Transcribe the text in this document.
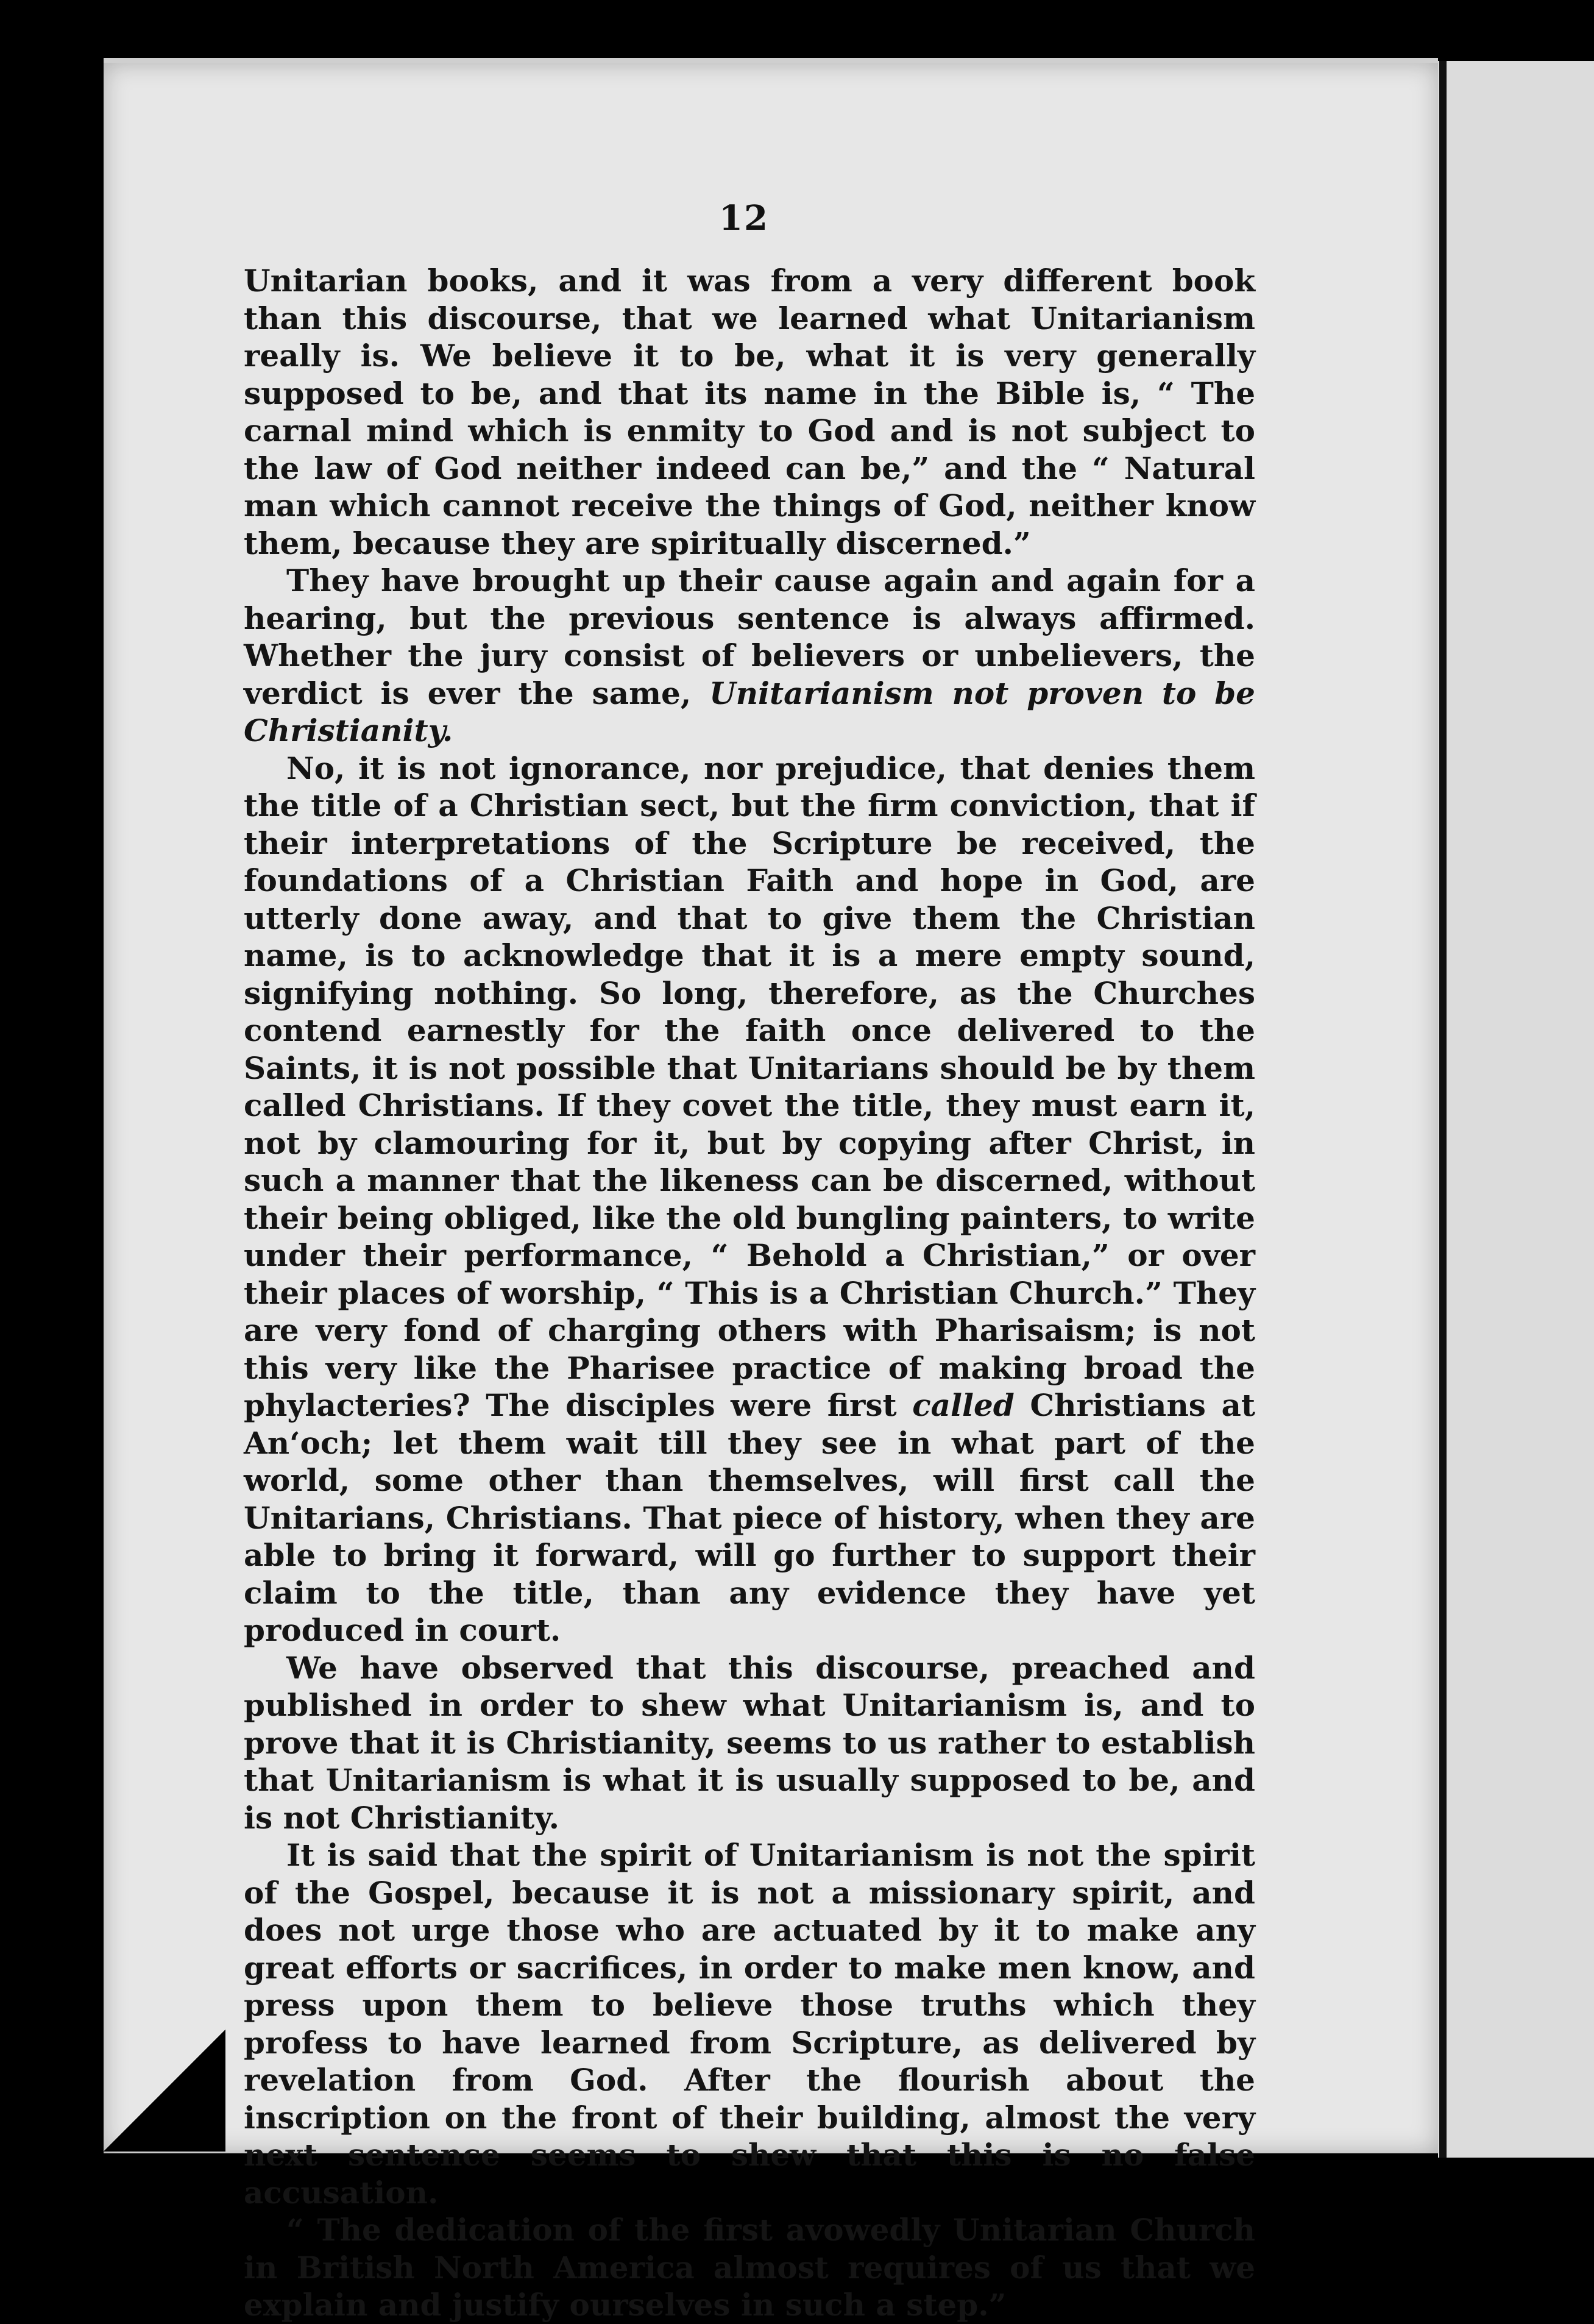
12

Unitarian books, and it was from a very different book than this discourse, that we learned what Unitarianism really is. We believe it to be, what it is very generally supposed to be, and that its name in the Bible is, “ The carnal mind which is enmity to God and is not subject to the law of God neither indeed can be,” and the “ Natural man which cannot receive the things of God, neither know them, because they are spiritually discerned.”

They have brought up their cause again and again for a hearing, but the previous sentence is always affirmed. Whether the jury consist of believers or unbelievers, the verdict is ever the same, Unitarianism not proven to be Christianity.

No, it is not ignorance, nor prejudice, that denies them the title of a Christian sect, but the firm conviction, that if their interpretations of the Scripture be received, the foundations of a Christian Faith and hope in God, are utterly done away, and that to give them the Christian name, is to acknowledge that it is a mere empty sound, signifying nothing. So long, therefore, as the Churches contend earnestly for the faith once delivered to the Saints, it is not possible that Unitarians should be by them called Christians. If they covet the title, they must earn it, not by clamouring for it, but by copying after Christ, in such a manner that the likeness can be discerned, without their being obliged, like the old bungling painters, to write under their performance, “ Behold a Christian,” or over their places of worship, “ This is a Christian Church.” They are very fond of charging others with Pharisaism; is not this very like the Pharisee practice of making broad the phylacteries? The disciples were first called Christians at An‘och; let them wait till they see in what part of the world, some other than themselves, will first call the Unitarians, Christians. That piece of history, when they are able to bring it forward, will go further to support their claim to the title, than any evidence they have yet produced in court.

We have observed that this discourse, preached and published in order to shew what Unitarianism is, and to prove that it is Christianity, seems to us rather to establish that Unitarianism is what it is usually supposed to be, and is not Christianity.

It is said that the spirit of Unitarianism is not the spirit of the Gospel, because it is not a missionary spirit, and does not urge those who are actuated by it to make any great efforts or sacrifices, in order to make men know, and press upon them to believe those truths which they profess to have learned from Scripture, as delivered by revelation from God. After the flourish about the inscription on the front of their building, almost the very next sentence seems to shew that this is no false accusation.

“ The dedication of the first avowedly Unitarian Church in British North America almost requires of us that we explain and justify ourselves in such a step.”
